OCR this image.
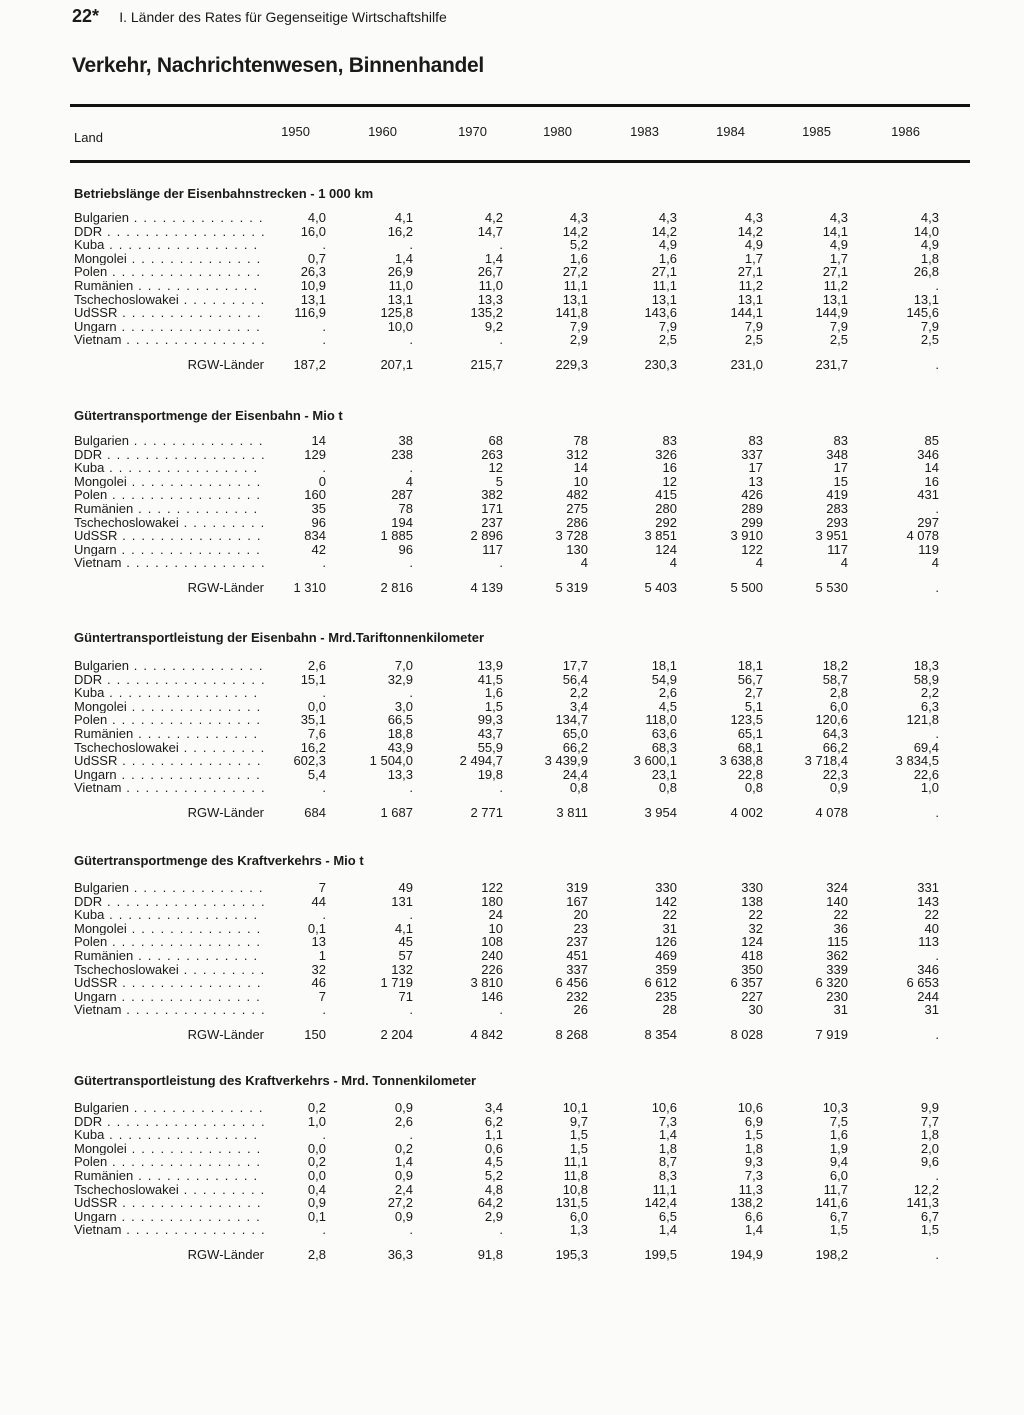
22* I. Länder des Rates für Gegenseitige Wirtschaftshilfe
Verkehr, Nachrichtenwesen, Binnenhandel
Land	1950	1960	1970	1980	1983	1984	1985	1986
Betriebslänge der Eisenbahnstrecken - 1 000 km
Bulgarien . . .	4,0	4,1	4,2	4,3	4,3	4,3	4,3	4,3
DDR . . .	16,0	16,2	14,7	14,2	14,2	14,2	14,1	14,0
Kuba . . .	.	.	.	5,2	4,9	4,9	4,9	4,9
Mongolei . . .	0,7	1,4	1,4	1,6	1,6	1,7	1,7	1,8
Polen . . .	26,3	26,9	26,7	27,2	27,1	27,1	27,1	26,8
Rumänien . . .	10,9	11,0	11,0	11,1	11,1	11,2	11,2	.
Tschechoslowakei . . .	13,1	13,1	13,3	13,1	13,1	13,1	13,1	13,1
UdSSR . . .	116,9	125,8	135,2	141,8	143,6	144,1	144,9	145,6
Ungarn . . .	.	10,0	9,2	7,9	7,9	7,9	7,9	7,9
Vietnam . . .	.	.	.	2,9	2,5	2,5	2,5	2,5
RGW-Länder	187,2	207,1	215,7	229,3	230,3	231,0	231,7	.
Gütertransportmenge der Eisenbahn - Mio t
Bulgarien . . .	14	38	68	78	83	83	83	85
DDR . . .	129	238	263	312	326	337	348	346
Kuba . . .	.	.	12	14	16	17	17	14
Mongolei . . .	0	4	5	10	12	13	15	16
Polen . . .	160	287	382	482	415	426	419	431
Rumänien . . .	35	78	171	275	280	289	283	.
Tschechoslowakei . . .	96	194	237	286	292	299	293	297
UdSSR . . .	834	1 885	2 896	3 728	3 851	3 910	3 951	4 078
Ungarn . . .	42	96	117	130	124	122	117	119
Vietnam . . .	.	.	.	4	4	4	4	4
RGW-Länder	1 310	2 816	4 139	5 319	5 403	5 500	5 530	.
Güntertransportleistung der Eisenbahn - Mrd.Tariftonnenkilometer
Bulgarien . . .	2,6	7,0	13,9	17,7	18,1	18,1	18,2	18,3
DDR . . .	15,1	32,9	41,5	56,4	54,9	56,7	58,7	58,9
Kuba . . .	.	.	1,6	2,2	2,6	2,7	2,8	2,2
Mongolei . . .	0,0	3,0	1,5	3,4	4,5	5,1	6,0	6,3
Polen . . .	35,1	66,5	99,3	134,7	118,0	123,5	120,6	121,8
Rumänien . . .	7,6	18,8	43,7	65,0	63,6	65,1	64,3	.
Tschechoslowakei . . .	16,2	43,9	55,9	66,2	68,3	68,1	66,2	69,4
UdSSR . . .	602,3	1 504,0	2 494,7	3 439,9	3 600,1	3 638,8	3 718,4	3 834,5
Ungarn . . .	5,4	13,3	19,8	24,4	23,1	22,8	22,3	22,6
Vietnam . . .	.	.	.	0,8	0,8	0,8	0,9	1,0
RGW-Länder	684	1 687	2 771	3 811	3 954	4 002	4 078	.
Gütertransportmenge des Kraftverkehrs - Mio t
Bulgarien . . .	7	49	122	319	330	330	324	331
DDR . . .	44	131	180	167	142	138	140	143
Kuba . . .	.	.	24	20	22	22	22	22
Mongolei . . .	0,1	4,1	10	23	31	32	36	40
Polen . . .	13	45	108	237	126	124	115	113
Rumänien . . .	1	57	240	451	469	418	362	.
Tschechoslowakei . . .	32	132	226	337	359	350	339	346
UdSSR . . .	46	1 719	3 810	6 456	6 612	6 357	6 320	6 653
Ungarn . . .	7	71	146	232	235	227	230	244
Vietnam . . .	.	.	.	26	28	30	31	31
RGW-Länder	150	2 204	4 842	8 268	8 354	8 028	7 919	.
Gütertransportleistung des Kraftverkehrs - Mrd. Tonnenkilometer
Bulgarien . . .	0,2	0,9	3,4	10,1	10,6	10,6	10,3	9,9
DDR . . .	1,0	2,6	6,2	9,7	7,3	6,9	7,5	7,7
Kuba . . .	.	.	1,1	1,5	1,4	1,5	1,6	1,8
Mongolei . . .	0,0	0,2	0,6	1,5	1,8	1,8	1,9	2,0
Polen . . .	0,2	1,4	4,5	11,1	8,7	9,3	9,4	9,6
Rumänien . . .	0,0	0,9	5,2	11,8	8,3	7,3	6,0	.
Tschechoslowakei . . .	0,4	2,4	4,8	10,8	11,1	11,3	11,7	12,2
UdSSR . . .	0,9	27,2	64,2	131,5	142,4	138,2	141,6	141,3
Ungarn . . .	0,1	0,9	2,9	6,0	6,5	6,6	6,7	6,7
Vietnam . . .	.	.	.	1,3	1,4	1,4	1,5	1,5
RGW-Länder	2,8	36,3	91,8	195,3	199,5	194,9	198,2	.
